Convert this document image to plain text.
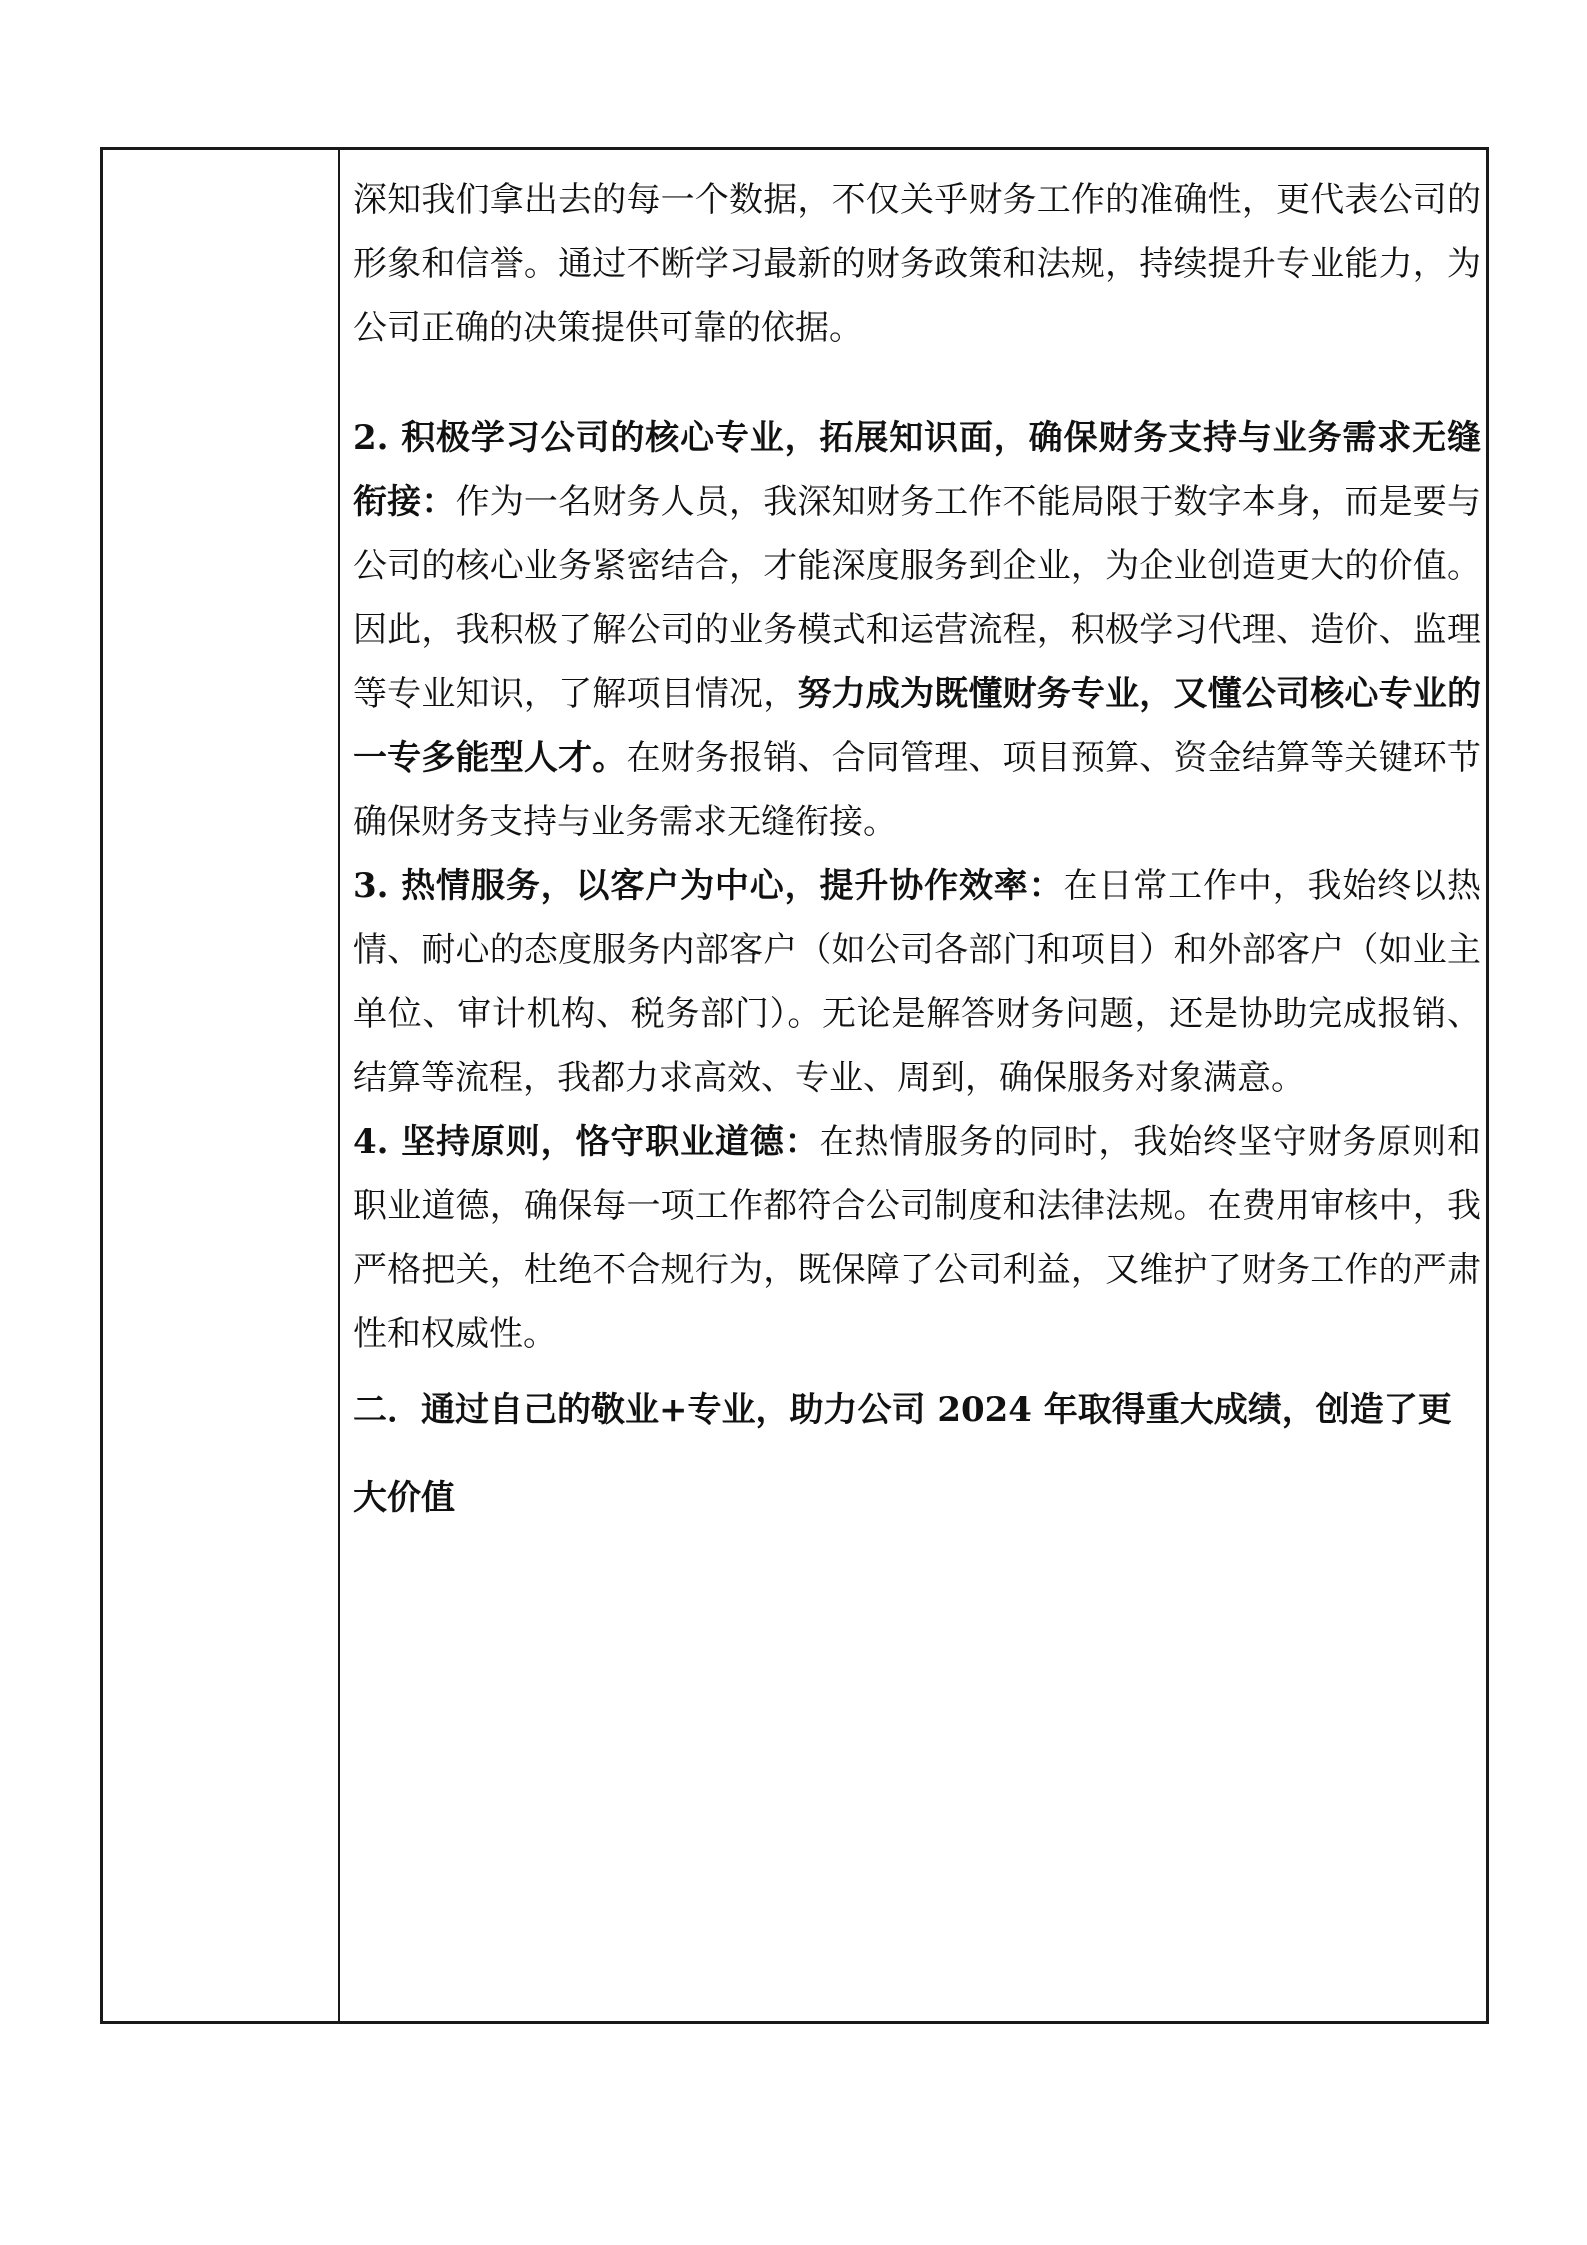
深知我们拿出去的每一个数据，不仅关乎财务工作的准确性，更代表公司的形象和信誉。通过不断学习最新的财务政策和法规，持续提升专业能力，为公司正确的决策提供可靠的依据。

2. 积极学习公司的核心专业，拓展知识面，确保财务支持与业务需求无缝衔接：作为一名财务人员，我深知财务工作不能局限于数字本身，而是要与公司的核心业务紧密结合，才能深度服务到企业，为企业创造更大的价值。因此，我积极了解公司的业务模式和运营流程，积极学习代理、造价、监理等专业知识，了解项目情况，努力成为既懂财务专业，又懂公司核心专业的一专多能型人才。在财务报销、合同管理、项目预算、资金结算等关键环节确保财务支持与业务需求无缝衔接。

3. 热情服务，以客户为中心，提升协作效率：在日常工作中，我始终以热情、耐心的态度服务内部客户（如公司各部门和项目）和外部客户（如业主单位、审计机构、税务部门）。无论是解答财务问题，还是协助完成报销、结算等流程，我都力求高效、专业、周到，确保服务对象满意。

4. 坚持原则，恪守职业道德：在热情服务的同时，我始终坚守财务原则和职业道德，确保每一项工作都符合公司制度和法律法规。在费用审核中，我严格把关，杜绝不合规行为，既保障了公司利益，又维护了财务工作的严肃性和权威性。

二．通过自己的敬业+专业，助力公司 2024 年取得重大成绩，创造了更大价值
